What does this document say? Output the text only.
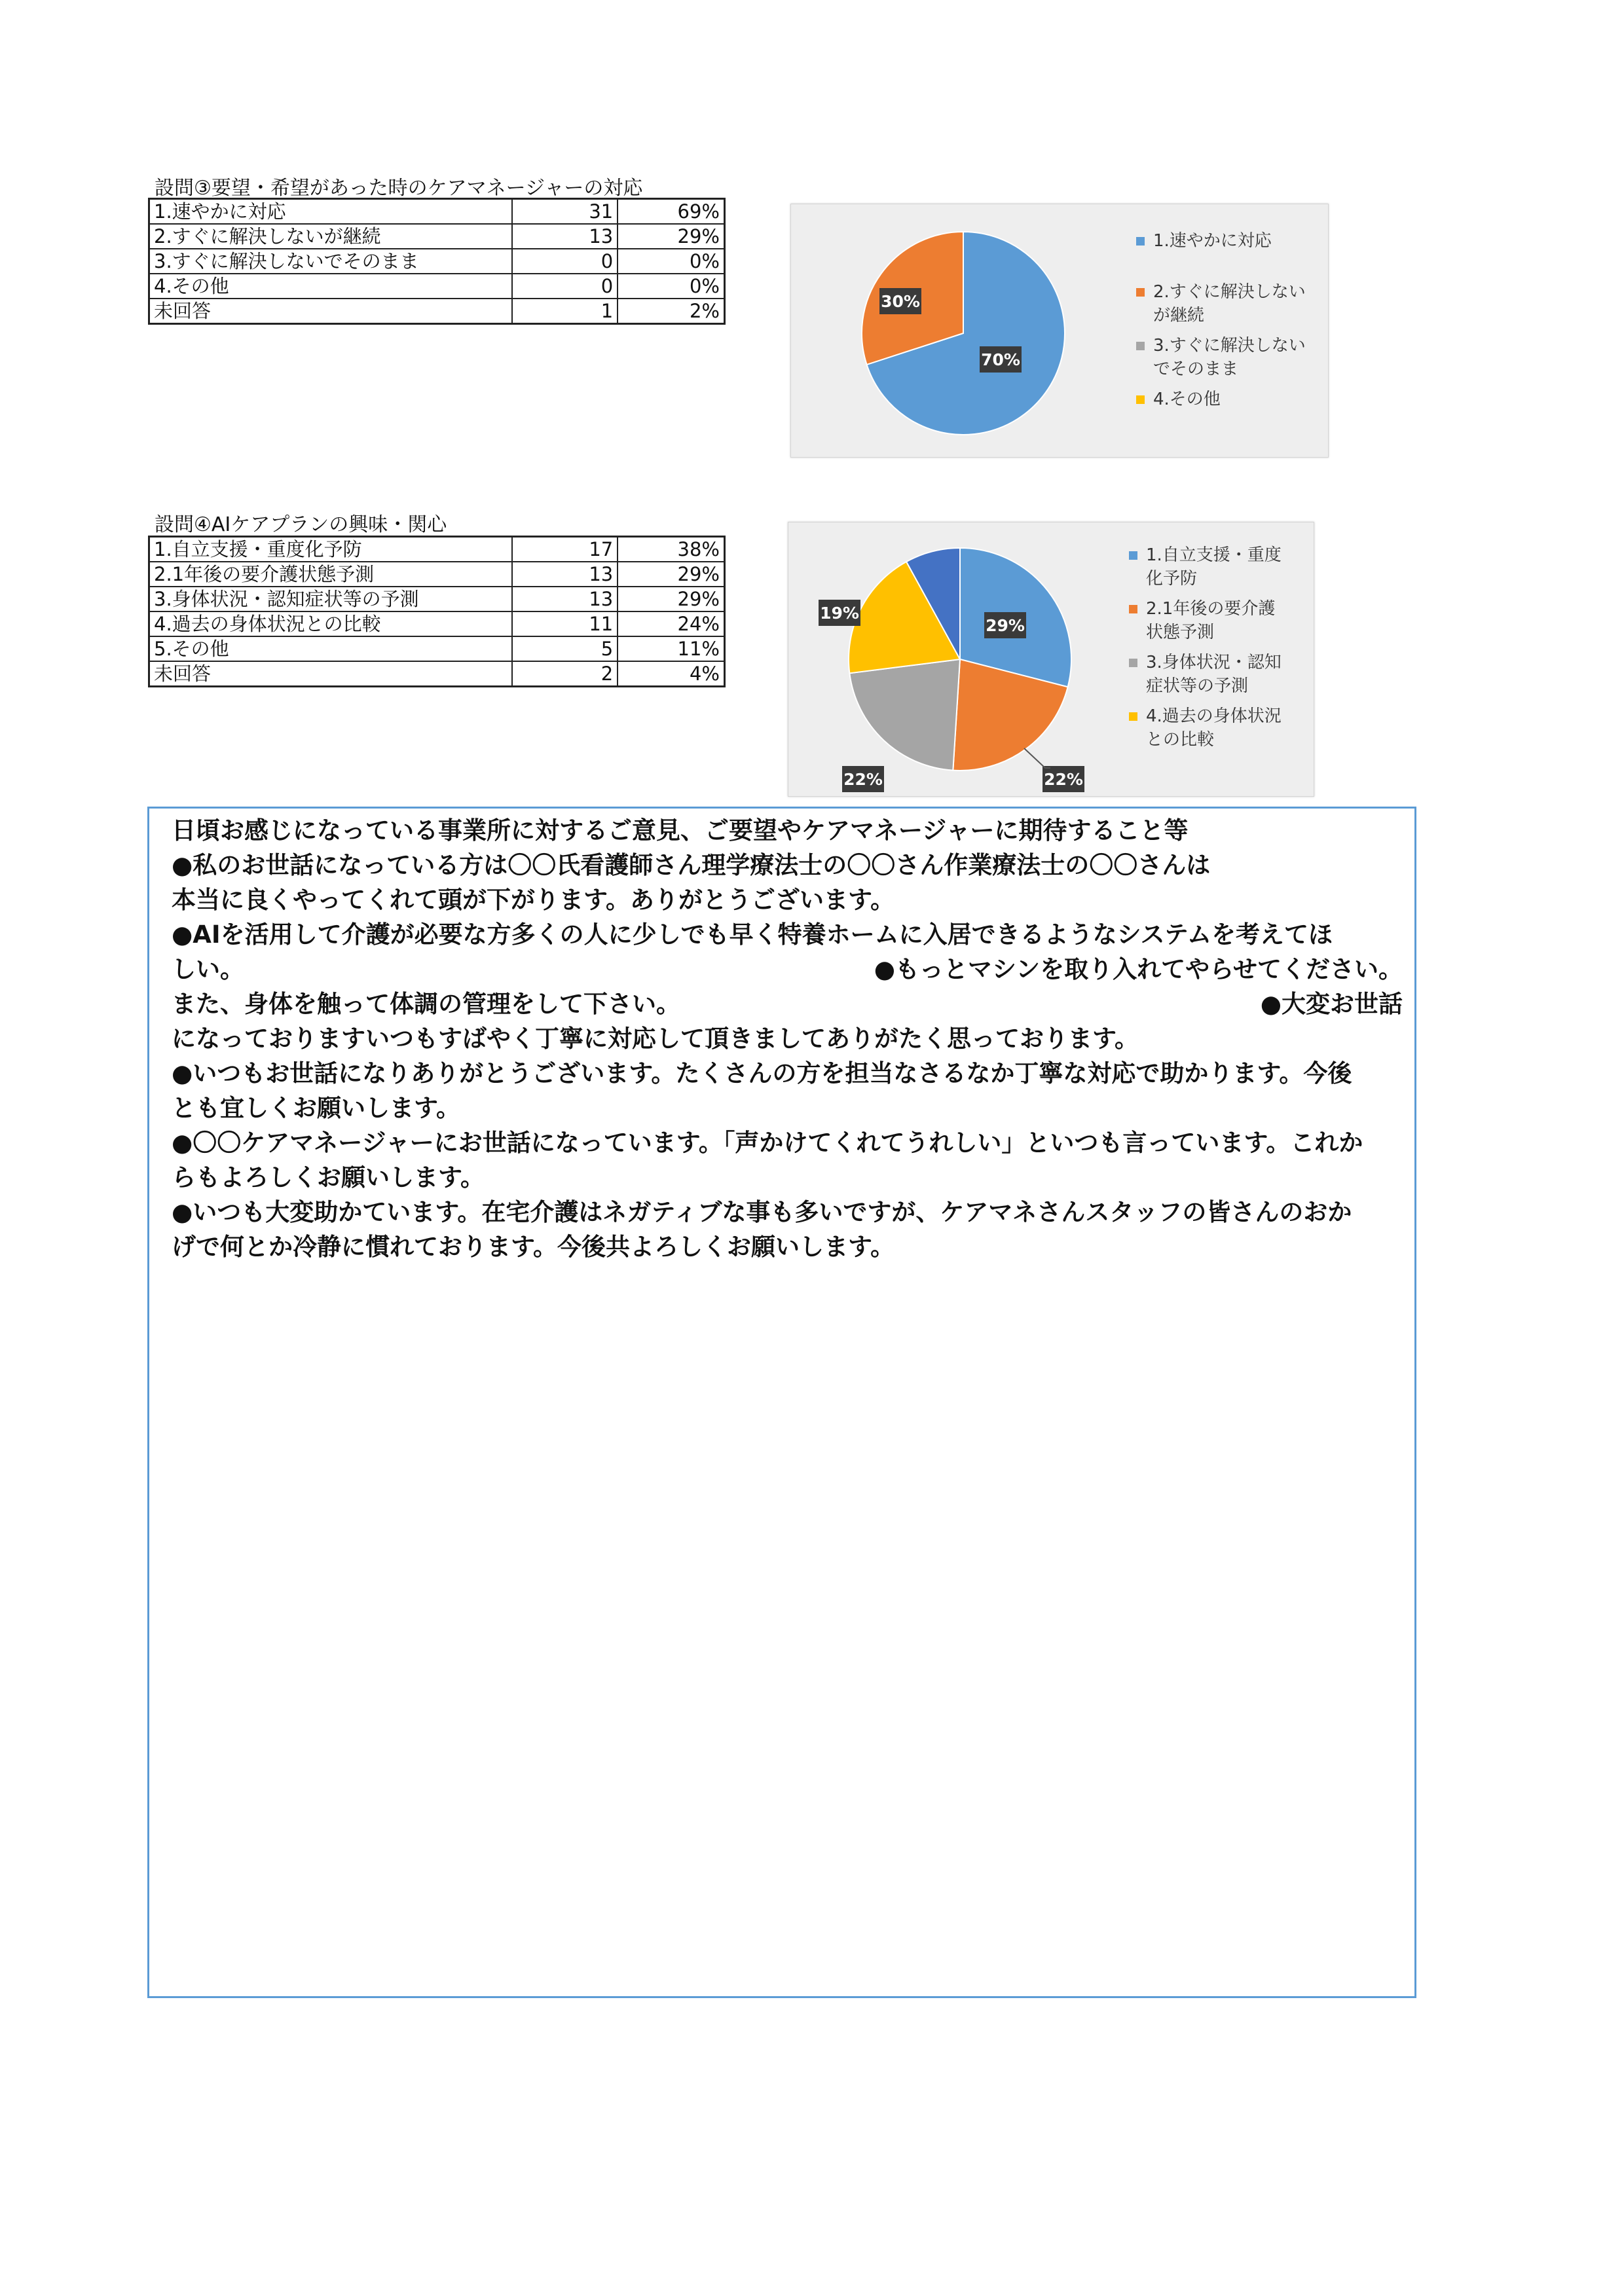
設問③要望・希望があった時のケアマネージャーの対応
1.速やかに対応	31	69%
2.すぐに解決しないが継続	13	29%
3.すぐに解決しないでそのまま	0	0%
4.その他	0	0%
未回答	1	2%
70%
30%
1.速やかに対応
2.すぐに解決しない
が継続
3.すぐに解決しない
でそのまま
4.その他
設問④AIケアプランの興味・関心
1.自立支援・重度化予防	17	38%
2.1年後の要介護状態予測	13	29%
3.身体状況・認知症状等の予測	13	29%
4.過去の身体状況との比較	11	24%
5.その他	5	11%
未回答	2	4%
29%
22%
22%
19%
1.自立支援・重度
化予防
2.1年後の要介護
状態予測
3.身体状況・認知
症状等の予測
4.過去の身体状況
との比較

日頃お感じになっている事業所に対するご意見、ご要望やケアマネージャーに期待すること等

●私のお世話になっている方は〇〇氏看護師さん理学療法士の〇〇さん作業療法士の〇〇さんは

本当に良くやってくれて頭が下がります。ありがとうございます。

●AIを活用して介護が必要な方多くの人に少しでも早く特養ホームに入居できるようなシステムを考えてほ

しい。	●もっとマシンを取り入れてやらせてください。

また、身体を触って体調の管理をして下さい。	●大変お世話

になっておりますいつもすばやく丁寧に対応して頂きましてありがたく思っております。

●いつもお世話になりありがとうございます。たくさんの方を担当なさるなか丁寧な対応で助かります。今後

とも宜しくお願いします。

●〇〇ケアマネージャーにお世話になっています。「声かけてくれてうれしい」といつも言っています。これか

らもよろしくお願いします。

●いつも大変助かています。在宅介護はネガティブな事も多いですが、ケアマネさんスタッフの皆さんのおか

げで何とか冷静に慣れております。今後共よろしくお願いします。
